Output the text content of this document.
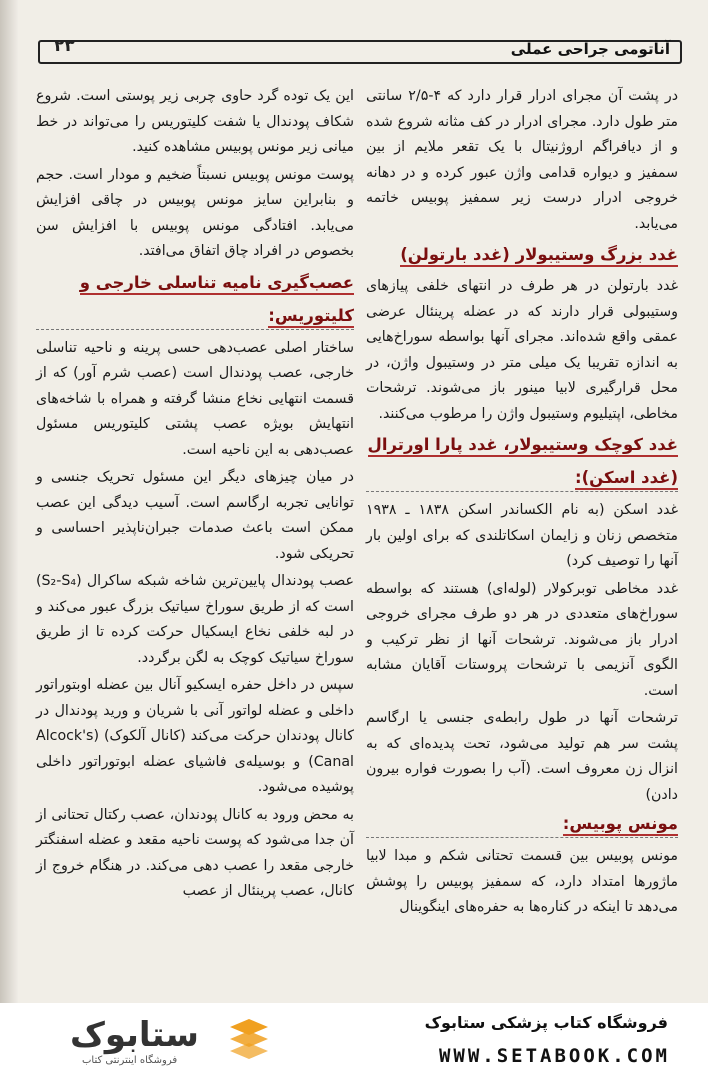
۲۳	آناتومی جراحی عملی

در پشت آن مجرای ادرار قرار دارد که ۴-۲/۵ سانتی متر طول دارد. مجرای ادرار در کف مثانه شروع شده و از دیافراگم اروژنیتال با یک تقعر ملایم از بین سمفیز و دیواره قدامی واژن عبور کرده و در دهانه خروجی ادرار درست زیر سمفیز پوبیس خاتمه می‌یابد.

غدد بزرگ وستیبولار (غدد بارتولن)

غدد بارتولن در هر طرف در انتهای خلفی پیازهای وستیبولی قرار دارند که در عضله پرینئال عرضی عمقی واقع شده‌اند. مجرای آنها بواسطه سوراخ‌هایی به اندازه تقریبا یک میلی متر در وستیبول واژن، در محل قرارگیری لابیا مینور باز می‌شوند. ترشحات مخاطی، اپتیلیوم وستیبول واژن را مرطوب می‌کنند.

غدد کوچک وستیبولار، غدد پارا اورترال
(غدد اسکن):

غدد اسکن (به نام الکساندر اسکن ۱۸۳۸ ـ ۱۹۳۸ متخصص زنان و زایمان اسکاتلندی که برای اولین بار آنها را توصیف کرد)

غدد مخاطی توبرکولار (لوله‌ای) هستند که بواسطه سوراخ‌های متعددی در هر دو طرف مجرای خروجی ادرار باز می‌شوند. ترشحات آنها از نظر ترکیب و الگوی آنزیمی با ترشحات پروستات آقایان مشابه است.

ترشحات آنها در طول رابطه‌ی جنسی یا ارگاسم پشت سر هم تولید می‌شود، تحت پدیده‌ای که به انزال زن معروف است. (آب را بصورت فواره بیرون دادن)

مونس پوبیس:

مونس پوبیس بین قسمت تحتانی شکم و مبدا لابیا ماژورها امتداد دارد، که سمفیز پوبیس را پوشش می‌دهد تا اینکه در کناره‌ها به حفره‌های اینگوینال

این یک توده گرد حاوی چربی زیر پوستی است. شروع شکاف پودندال یا شفت کلیتوریس را می‌تواند در خط میانی زیر مونس پوبیس مشاهده کنید.

پوست مونس پوبیس نسبتاً ضخیم و مودار است. حجم و بنابراین سایز مونس پوبیس در چاقی افزایش می‌یابد. افتادگی مونس پوبیس با افزایش سن بخصوص در افراد چاق اتفاق می‌افتد.

عصب‌گیری نامیه تناسلی خارجی و
کلیتوریس:

ساختار اصلی عصب‌دهی حسی پرینه و ناحیه تناسلی خارجی، عصب پودندال است (عصب شرم آور) که از قسمت انتهایی نخاع منشا گرفته و همراه با شاخه‌های انتهایش بویژه عصب پشتی کلیتوریس مسئول عصب‌دهی به این ناحیه است.

در میان چیزهای دیگر این مسئول تحریک جنسی و توانایی تجربه ارگاسم است. آسیب دیدگی این عصب ممکن است باعث صدمات جبران‌ناپذیر احساسی و تحریکی شود.

عصب پودندال پایین‌ترین شاخه شبکه ساکرال (S₂-S₄) است که از طریق سوراخ سیاتیک بزرگ عبور می‌کند و در لبه خلفی نخاع ایسکیال حرکت کرده تا از طریق سوراخ سیاتیک کوچک به لگن برگردد.

سپس در داخل حفره ایسکیو آنال بین عضله اوبتوراتور داخلی و عضله لواتور آنی با شریان و ورید پودندال در کانال پودندان حرکت می‌کند (کانال آلکوک) (Alcock's Canal) و بوسیله‌ی فاشیای عضله ابوتوراتور داخلی پوشیده می‌شود.

به محض ورود به کانال پودندان، عصب رکتال تحتانی از آن جدا می‌شود که پوست ناحیه مقعد و عضله اسفنگتر خارجی مقعد را عصب دهی می‌کند. در هنگام خروج از کانال، عصب پرینئال از عصب

ستابوک
فروشگاه اینترنتی کتاب
فروشگاه کتاب پزشکی ستابوک
WWW.SETABOOK.COM
